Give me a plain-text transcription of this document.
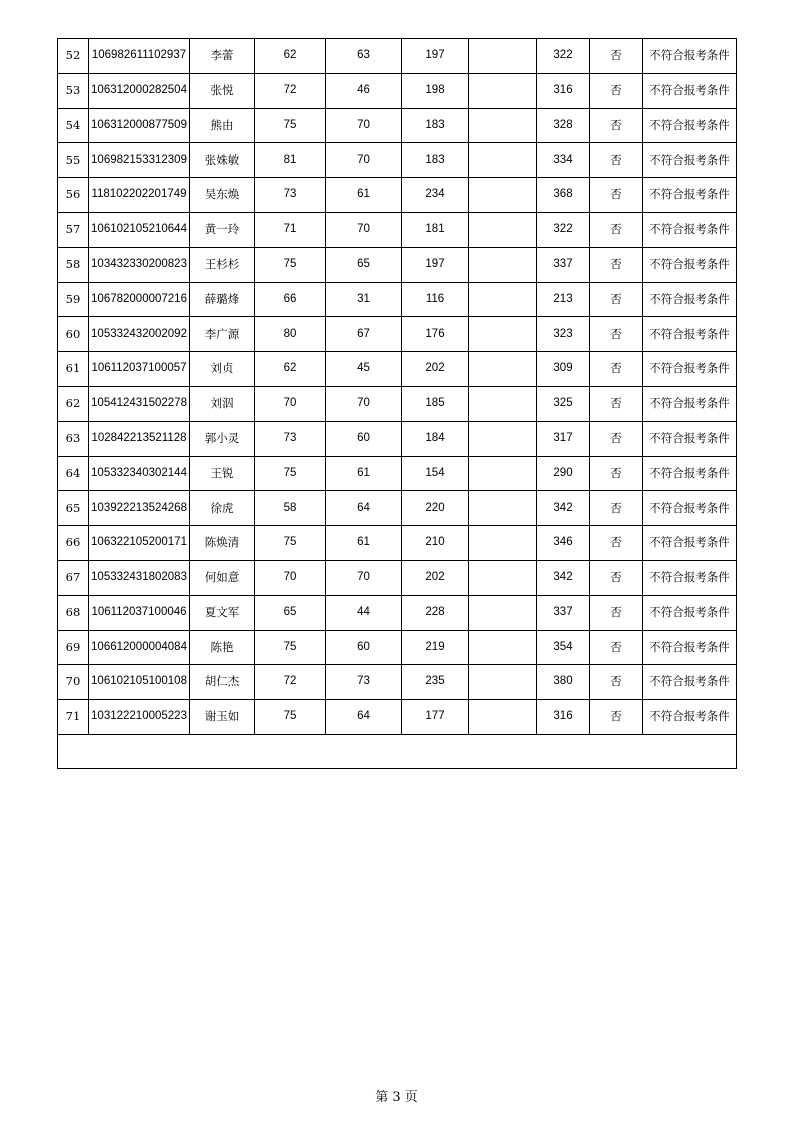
52	106982611102937	李蕾	62	63	197		322	否	不符合报考条件
53	106312000282504	张悦	72	46	198		316	否	不符合报考条件
54	106312000877509	熊由	75	70	183		328	否	不符合报考条件
55	106982153312309	张姝敏	81	70	183		334	否	不符合报考条件
56	118102202201749	吴东焕	73	61	234		368	否	不符合报考条件
57	106102105210644	黄一玲	71	70	181		322	否	不符合报考条件
58	103432330200823	王杉杉	75	65	197		337	否	不符合报考条件
59	106782000007216	薛璐烽	66	31	116		213	否	不符合报考条件
60	105332432002092	李广源	80	67	176		323	否	不符合报考条件
61	106112037100057	刘贞	62	45	202		309	否	不符合报考条件
62	105412431502278	刘泅	70	70	185		325	否	不符合报考条件
63	102842213521128	郭小灵	73	60	184		317	否	不符合报考条件
64	105332340302144	王锐	75	61	154		290	否	不符合报考条件
65	103922213524268	徐虎	58	64	220		342	否	不符合报考条件
66	106322105200171	陈焕清	75	61	210		346	否	不符合报考条件
67	105332431802083	何如意	70	70	202		342	否	不符合报考条件
68	106112037100046	夏文军	65	44	228		337	否	不符合报考条件
69	106612000004084	陈艳	75	60	219		354	否	不符合报考条件
70	106102105100108	胡仁杰	72	73	235		380	否	不符合报考条件
71	103122210005223	谢玉如	75	64	177		316	否	不符合报考条件

第 3 页
